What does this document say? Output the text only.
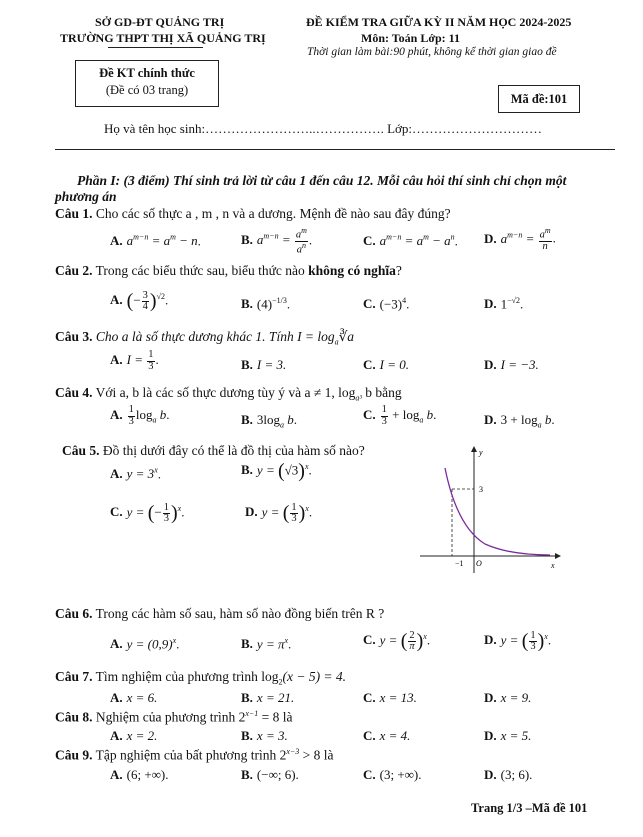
SỞ GD-ĐT QUẢNG TRỊ
TRƯỜNG THPT THỊ XÃ QUẢNG TRỊ
ĐỀ KIỂM TRA GIỮA KỲ II NĂM HỌC 2024-2025
Môn: Toán Lớp: 11
Thời gian làm bài:90 phút, không kể thời gian giao đề
Đề KT chính thức
(Đề có 03 trang)
Mã đề:101
Họ và tên học sinh:……………………..……………. Lớp:…………………………
Phần I: (3 điểm) Thí sinh trả lời từ câu 1 đến câu 12. Mỗi câu hỏi thí sinh chỉ chọn một
phương án
Câu 1. Cho các số thực a , m , n và a dương. Mệnh đề nào sau đây đúng?
A. $a^{m-n} = a^m - n$.	B. $a^{m-n} = \frac{a^m}{a^n}$ .	C. $a^{m-n} = a^m - a^n$. D. $a^{m-n} = \frac{a^m}{n}$ .
Câu 2. Trong các biểu thức sau, biểu thức nào không có nghĩa?
A. (− $\frac{3}{4} )^{√2}$.	B. $(4)^{-1/3}$.	C. $(-3)^4$.	D. $1^{-√2}$.
Câu 3. Cho a là số thực dương khác 1. Tính $I = \log_a∛a$
A. $I = \frac{1}{3}$ .	B. I = 3.	C. I = 0.	D. I = −3.
Câu 4. Với a, b là các số thực dương tùy ý và a ≠ 1, $\log_{a^3} b$ bằng
A. $\frac{1}{3} \log_a b$.	B. $3\log_a$ b.	C. $\frac{1}{3} + \log_a b$.	D. $3 + \log_a b$.
Câu 5. Đồ thị dưới đây có thể là đồ thị của hàm số nào?
A. $y = 3^x$.	B. $y = (√3)^x$.
C. y = (− $\frac{1}{3} )^x$.	D. y = ( $\frac{1}{3} )^x$.
y
x
3
−1 O
Câu 6. Trong các hàm số sau, hàm số nào đồng biến trên R ?
A. $y = (0,9)^x$.	B. $y = \pi^x$.	C. y = ( $\frac{2}{\pi} )^x$.	D. y = ( $\frac{1}{3} )^x$.
Câu 7. Tìm nghiệm của phương trình $\log_2(x - 5) = 4$.
A. x = 6.	B. x = 21.	C. x = 13.	D. x = 9.
Câu 8. Nghiệm của phương trình $2^{x-1} = 8$ là
A. x = 2.	B. x = 3.	C. x = 4.	D. x = 5.
Câu 9. Tập nghiệm của bất phương trình $2^{x-3} > 8$ là
A. (6; +∞).	B. (−∞; 6).	C. (3; +∞).	D. (3; 6).
Trang 1/3 –Mã đề 101
